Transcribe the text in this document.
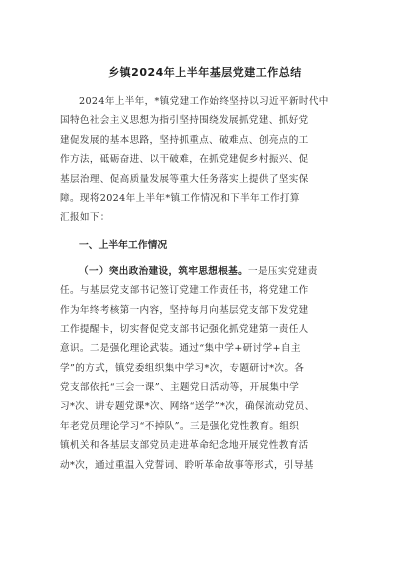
乡镇2024年上半年基层党建工作总结
2024年上半年，*镇党建工作始终坚持以习近平新时代中
国特色社会主义思想为指引坚持围绕发展抓党建、抓好党
建促发展的基本思路，坚持抓重点、破难点、创亮点的工
作方法，砥砺奋进、以干破难，在抓党建促乡村振兴、促
基层治理、促高质量发展等重大任务落实上提供了坚实保
障。现将2024年上半年*镇工作情况和下半年工作打算
汇报如下：
一、上半年工作情况
（一）突出政治建设，筑牢思想根基。一是压实党建责
任。与基层党支部书记签订党建工作责任书，将党建工作
作为年终考核第一内容，坚持每月向基层党支部下发党建
工作提醒卡，切实督促党支部书记强化抓党建第一责任人
意识。二是强化理论武装。通过“集中学+研讨学+自主
学”的方式，镇党委组织集中学习*次，专题研讨*次。各
党支部依托“三会一课”、主题党日活动等，开展集中学
习*次、讲专题党课*次、网络“送学”*次，确保流动党员、
年老党员理论学习“不掉队”。三是强化党性教育。组织
镇机关和各基层支部党员走进革命纪念地开展党性教育活
动*次，通过重温入党誓词、聆听革命故事等形式，引导基
